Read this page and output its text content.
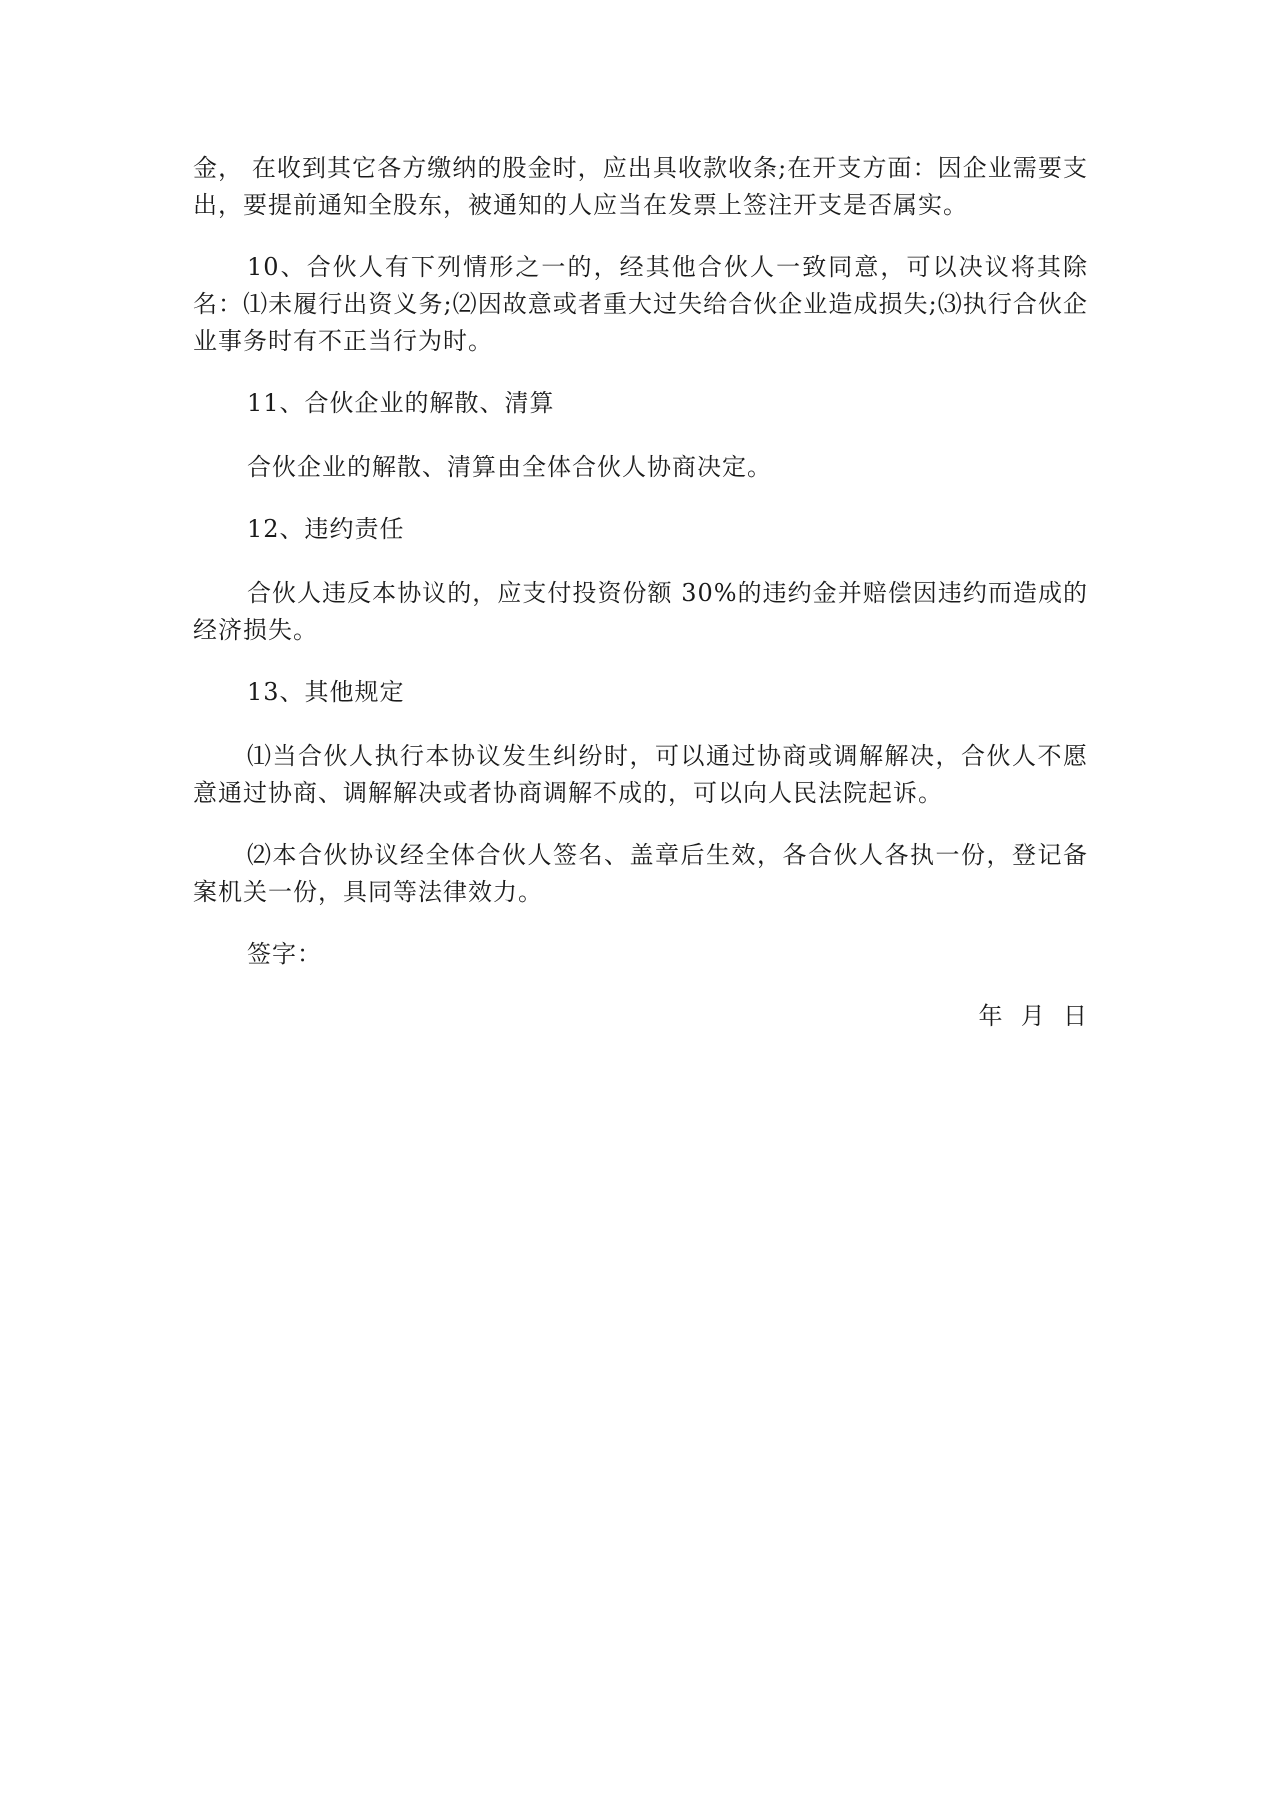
金， 在收到其它各方缴纳的股金时，应出具收款收条;在开支方面：因企业需要支出，要提前通知全股东，被通知的人应当在发票上签注开支是否属实。

10、合伙人有下列情形之一的，经其他合伙人一致同意，可以决议将其除名：⑴未履行出资义务;⑵因故意或者重大过失给合伙企业造成损失;⑶执行合伙企业事务时有不正当行为时。

11、合伙企业的解散、清算

合伙企业的解散、清算由全体合伙人协商决定。

12、违约责任

合伙人违反本协议的，应支付投资份额 30%的违约金并赔偿因违约而造成的经济损失。

13、其他规定

⑴当合伙人执行本协议发生纠纷时，可以通过协商或调解解决，合伙人不愿意通过协商、调解解决或者协商调解不成的，可以向人民法院起诉。

⑵本合伙协议经全体合伙人签名、盖章后生效，各合伙人各执一份，登记备案机关一份，具同等法律效力。

签字：

年  月  日
